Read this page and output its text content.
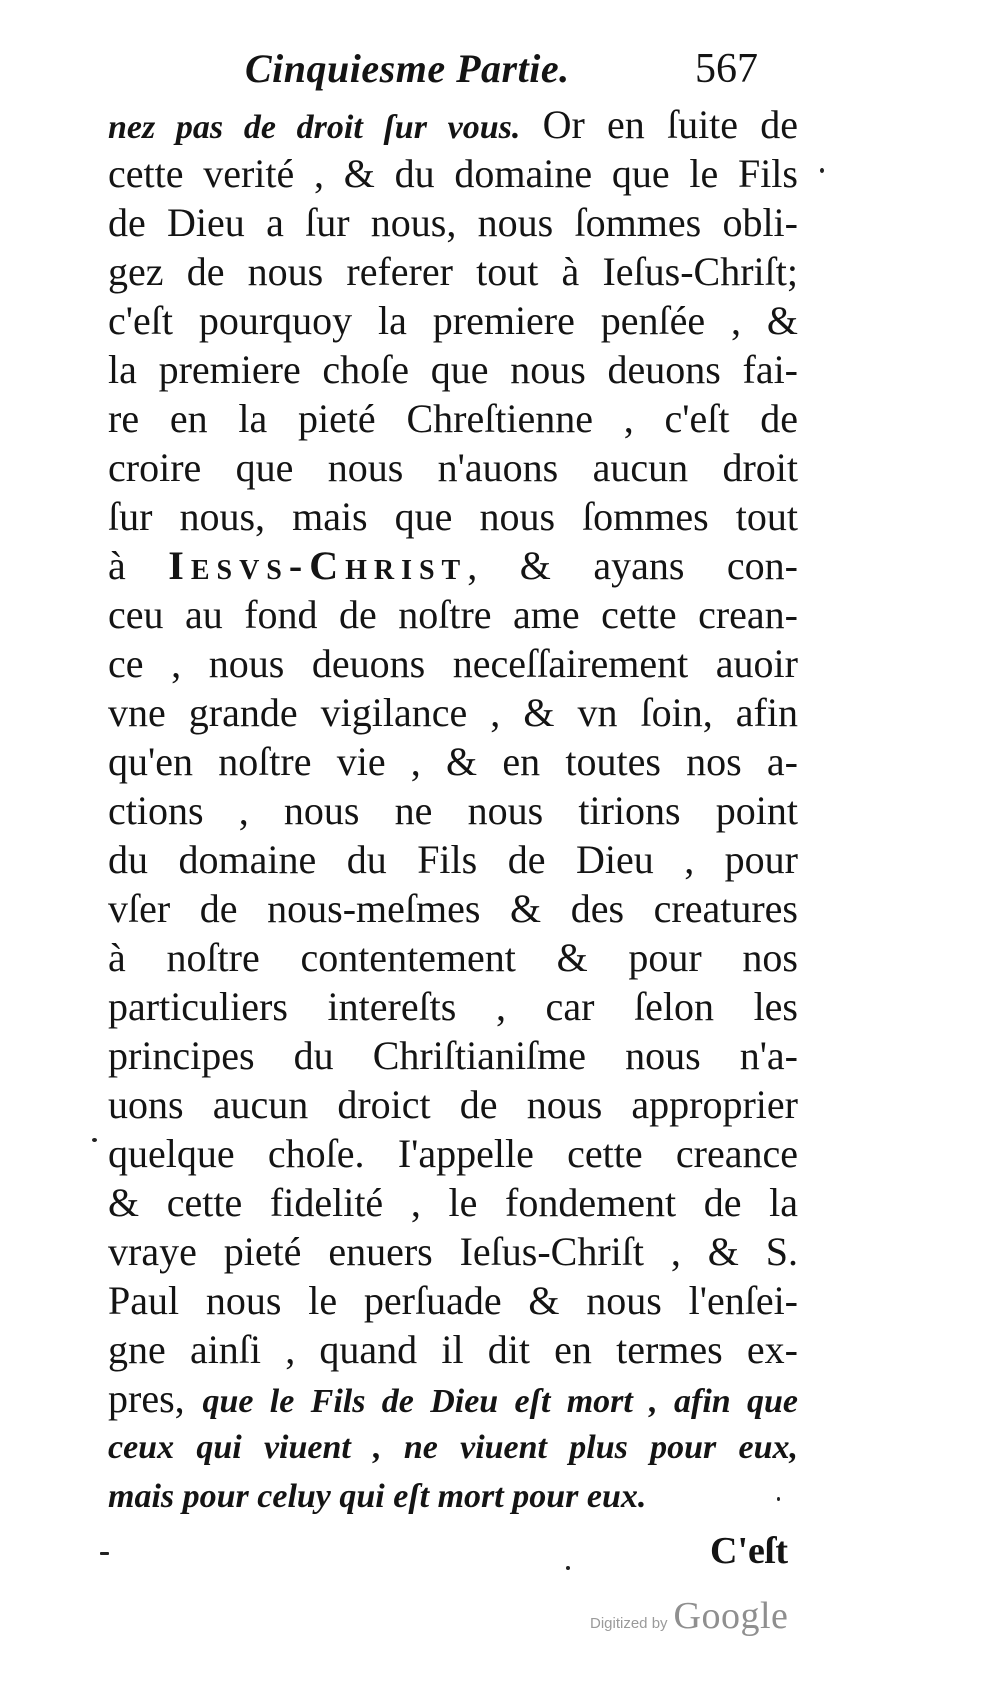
Cinquiesme Partie.	567
nez pas de droit ſur vous. Or en ſuite de
cette verité , & du domaine que le Fils
de Dieu a ſur nous, nous ſommes obli-
gez de nous referer tout à Ieſus-Chriſt;
c'eſt pourquoy la premiere penſée , &
la premiere choſe que nous deuons fai-
re en la pieté Chreſtienne , c'eſt de
croire que nous n'auons aucun droit
ſur nous, mais que nous ſommes tout
à Iesvs-Christ, & ayans con-
ceu au fond de noſtre ame cette crean-
ce , nous deuons neceſſairement auoir
vne grande vigilance , & vn ſoin, afin
qu'en noſtre vie , & en toutes nos a-
ctions , nous ne nous tirions point
du domaine du Fils de Dieu , pour
vſer de nous-meſmes & des creatures
à noſtre contentement & pour nos
particuliers intereſts , car ſelon les
principes du Chriſtianiſme nous n'a-
uons aucun droict de nous approprier
quelque choſe. I'appelle cette creance
& cette fidelité , le fondement de la
vraye pieté enuers Ieſus-Chriſt , & S.
Paul nous le perſuade & nous l'enſei-
gne ainſi , quand il dit en termes ex-
pres, que le Fils de Dieu eſt mort , afin que
ceux qui viuent , ne viuent plus pour eux,
mais pour celuy qui eſt mort pour eux.
C'eſt
Digitized by Google
